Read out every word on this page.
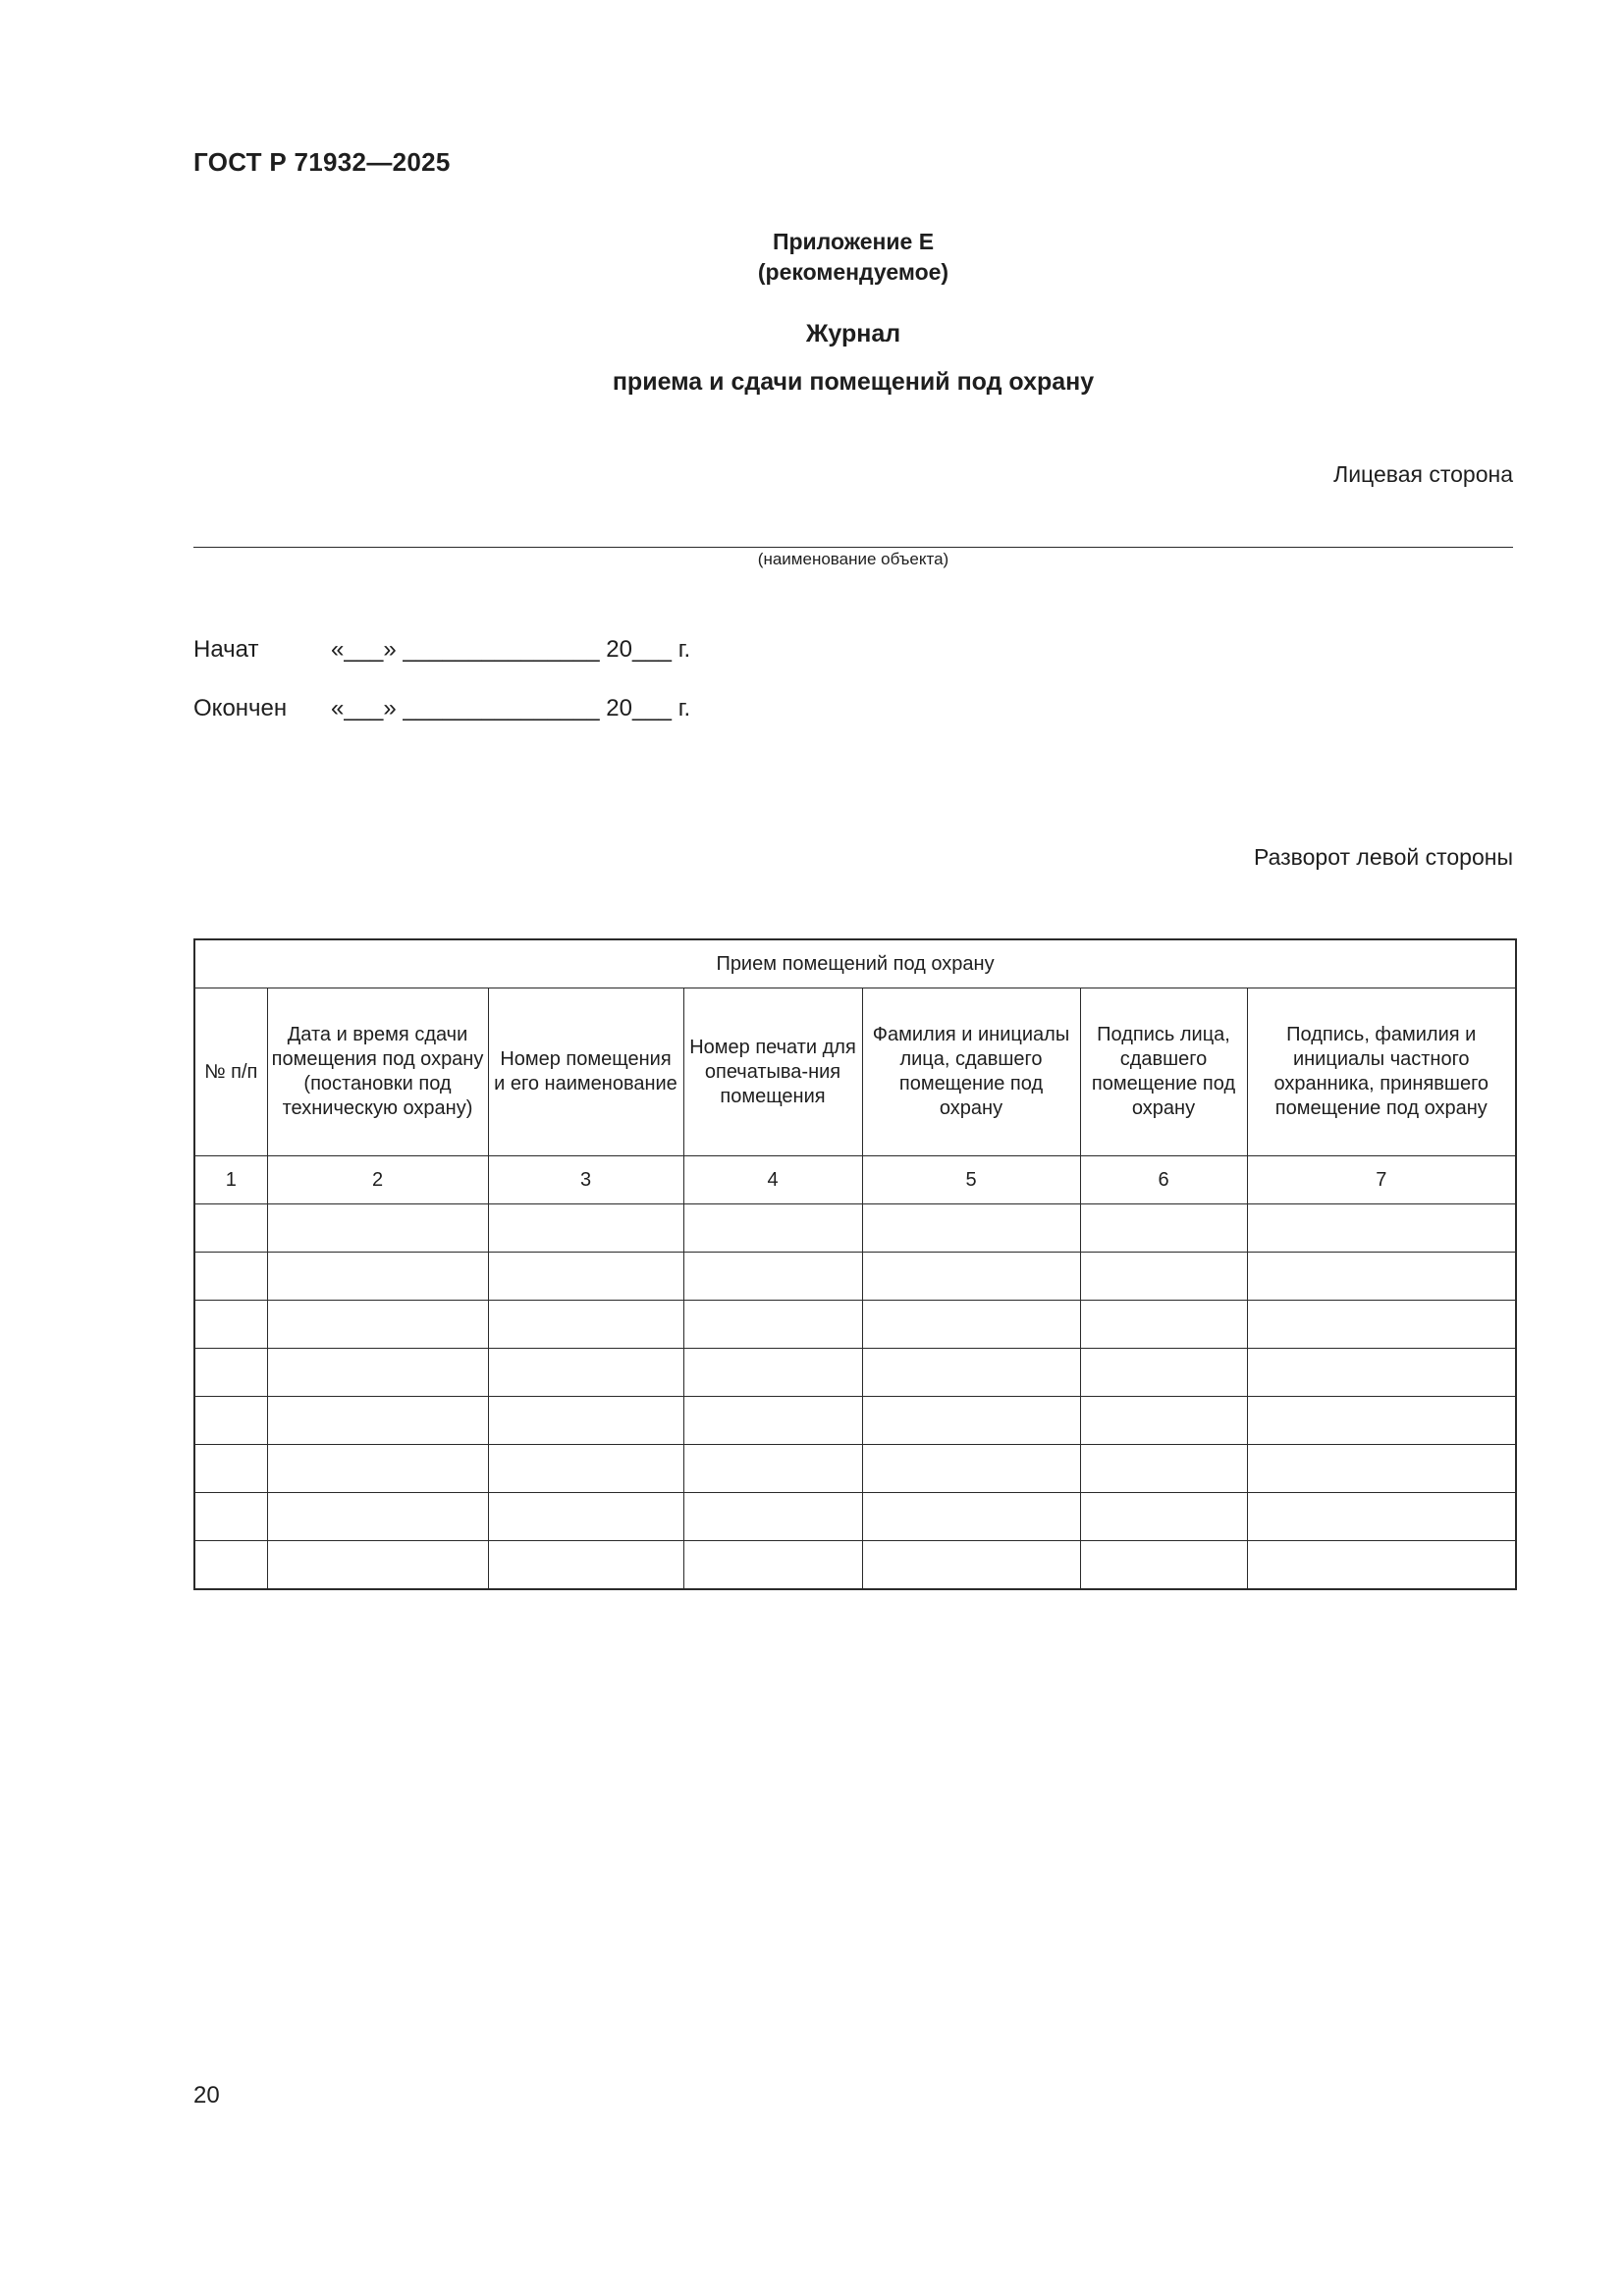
ГОСТ Р 71932—2025
Приложение Е
(рекомендуемое)
Журнал
приема и сдачи помещений под охрану
Лицевая сторона
(наименование объекта)
Начат	«___» _______________ 20___ г.
Окончен «___» _______________ 20___ г.
Разворот левой стороны
Прием помещений под охрану						
№ п/п	Дата и время сдачи помещения под охрану (постановки под техническую охрану)	Номер помещения и его наименование	Номер печати для опечатыва-ния помещения	Фамилия и инициалы лица, сдавшего помещение под охрану	Подпись лица, сдавшего помещение под охрану	Подпись, фамилия и инициалы частного охранника, принявшего помещение под охрану
1	2	3	4	5	6	7

20
